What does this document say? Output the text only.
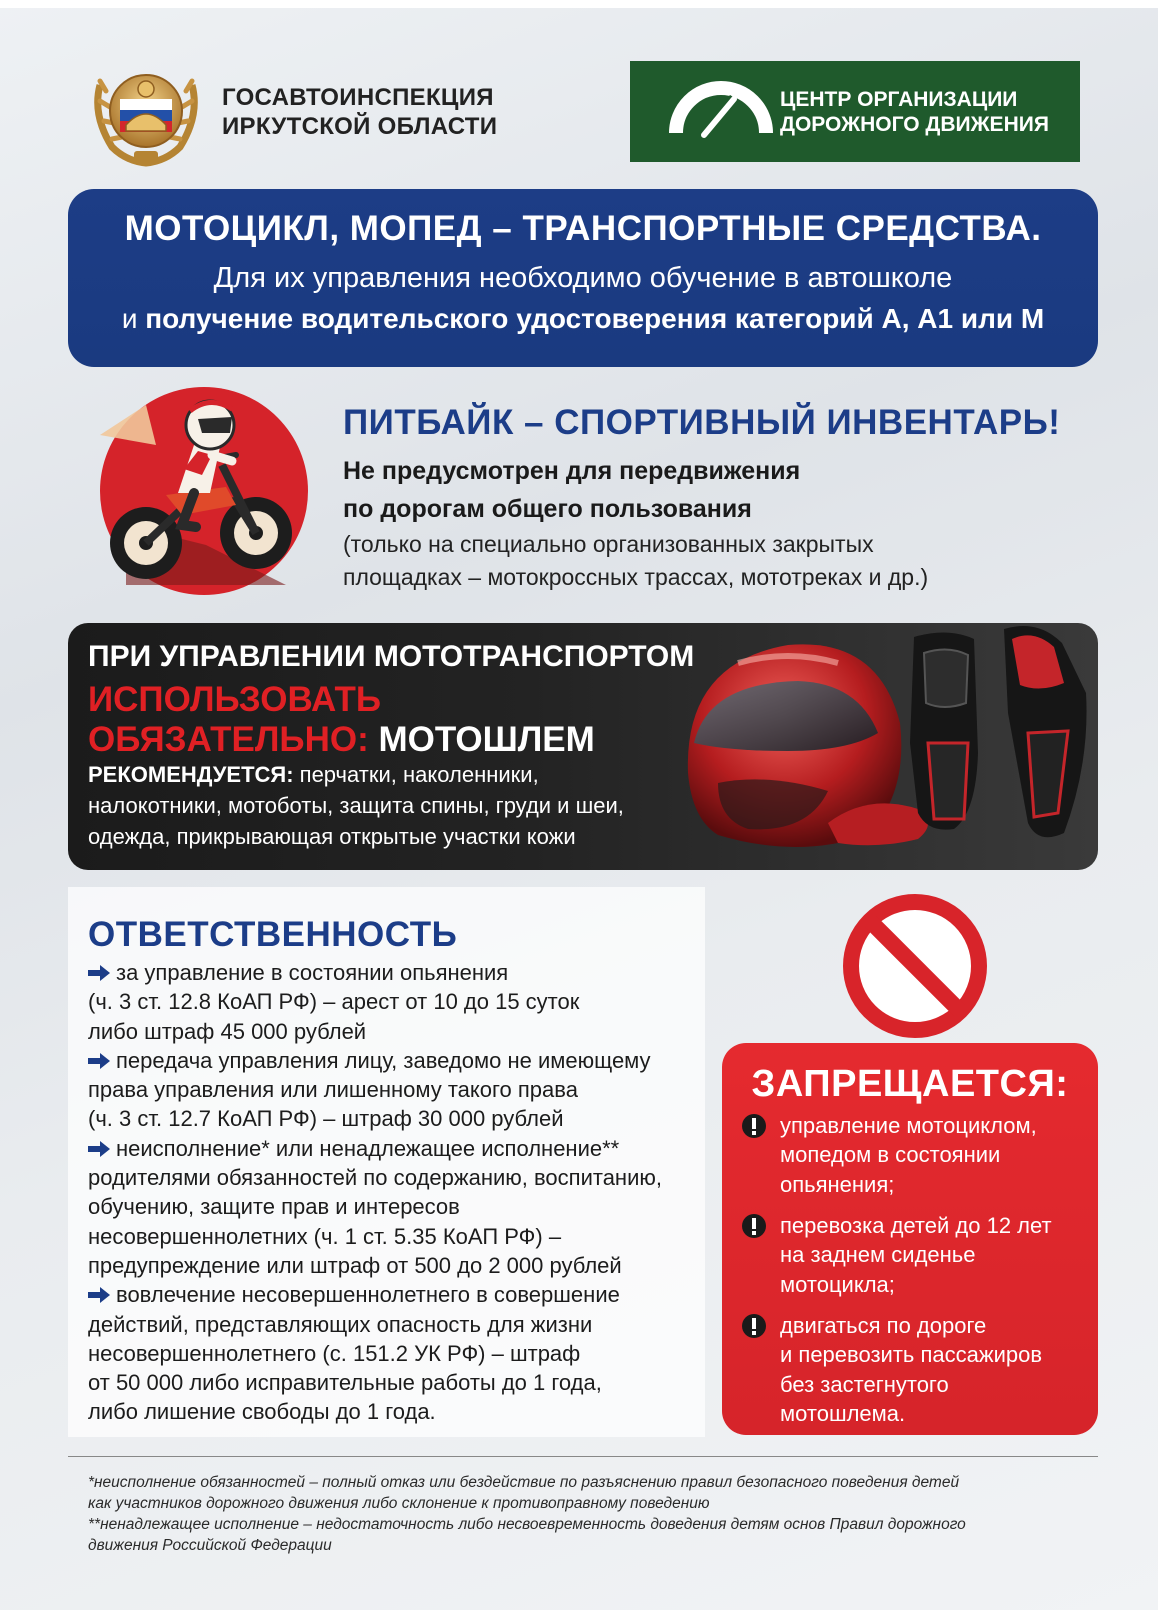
ГОСАВТОИНСПЕКЦИЯ
ИРКУТСКОЙ ОБЛАСТИ
ЦЕНТР ОРГАНИЗАЦИИ
ДОРОЖНОГО ДВИЖЕНИЯ
МОТОЦИКЛ, МОПЕД – ТРАНСПОРТНЫЕ СРЕДСТВА.
Для их управления необходимо обучение в автошколе
и получение водительского удостоверения категорий А, А1 или М
ПИТБАЙК – СПОРТИВНЫЙ ИНВЕНТАРЬ!
Не предусмотрен для передвижения
по дорогам общего пользования
(только на специально организованных закрытых
площадках – мотокроссных трассах, мототреках и др.)
ПРИ УПРАВЛЕНИИ МОТОТРАНСПОРТОМ
ИСПОЛЬЗОВАТЬ
ОБЯЗАТЕЛЬНО: МОТОШЛЕМ
РЕКОМЕНДУЕТСЯ: перчатки, наколенники,
налокотники, мотоботы, защита спины, груди и шеи,
одежда, прикрывающая открытые участки кожи
ОТВЕТСТВЕННОСТЬ
за управление в состоянии опьянения
(ч. 3 ст. 12.8 КоАП РФ) – арест от 10 до 15 суток
либо штраф 45 000 рублей
передача управления лицу, заведомо не имеющему
права управления или лишенному такого права
(ч. 3 ст. 12.7 КоАП РФ) – штраф 30 000 рублей
неисполнение* или ненадлежащее исполнение**
родителями обязанностей по содержанию, воспитанию,
обучению, защите прав и интересов
несовершеннолетних (ч. 1 ст. 5.35 КоАП РФ) –
предупреждение или штраф от 500 до 2 000 рублей
вовлечение несовершеннолетнего в совершение
действий, представляющих опасность для жизни
несовершеннолетнего (с. 151.2 УК РФ) – штраф
от 50 000 либо исправительные работы до 1 года,
либо лишение свободы до 1 года.
ЗАПРЕЩАЕТСЯ:
управление мотоциклом,
мопедом в состоянии
опьянения;
перевозка детей до 12 лет
на заднем сиденье
мотоцикла;
двигаться по дороге
и перевозить пассажиров
без застегнутого
мотошлема.
*неисполнение обязанностей – полный отказ или бездействие по разъяснению правил безопасного поведения детей
как участников дорожного движения либо склонение к противоправному поведению
**ненадлежащее исполнение – недостаточность либо несвоевременность доведения детям основ Правил дорожного
движения Российской Федерации
